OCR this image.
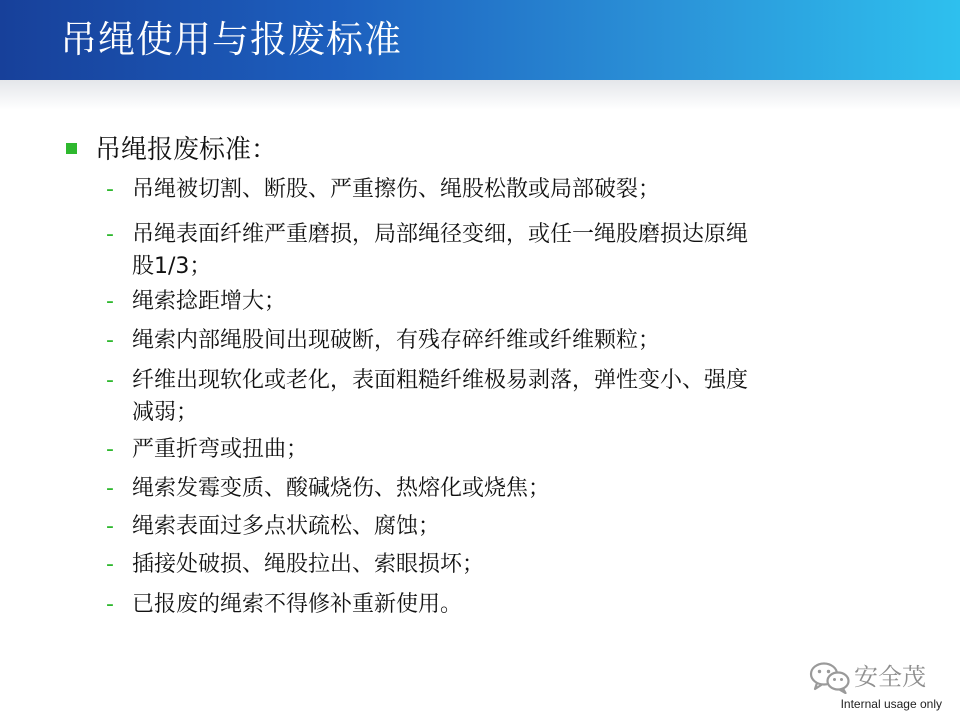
吊绳使用与报废标准
吊绳报废标准：
- 吊绳被切割、断股、严重擦伤、绳股松散或局部破裂；
- 吊绳表面纤维严重磨损，局部绳径变细，或任一绳股磨损达原绳
股1/3；
- 绳索捻距增大；
- 绳索内部绳股间出现破断，有残存碎纤维或纤维颗粒；
- 纤维出现软化或老化，表面粗糙纤维极易剥落，弹性变小、强度
减弱；
- 严重折弯或扭曲；
- 绳索发霉变质、酸碱烧伤、热熔化或烧焦；
- 绳索表面过多点状疏松、腐蚀；
- 插接处破损、绳股拉出、索眼损坏；
- 已报废的绳索不得修补重新使用。
安全茂
Internal usage only
